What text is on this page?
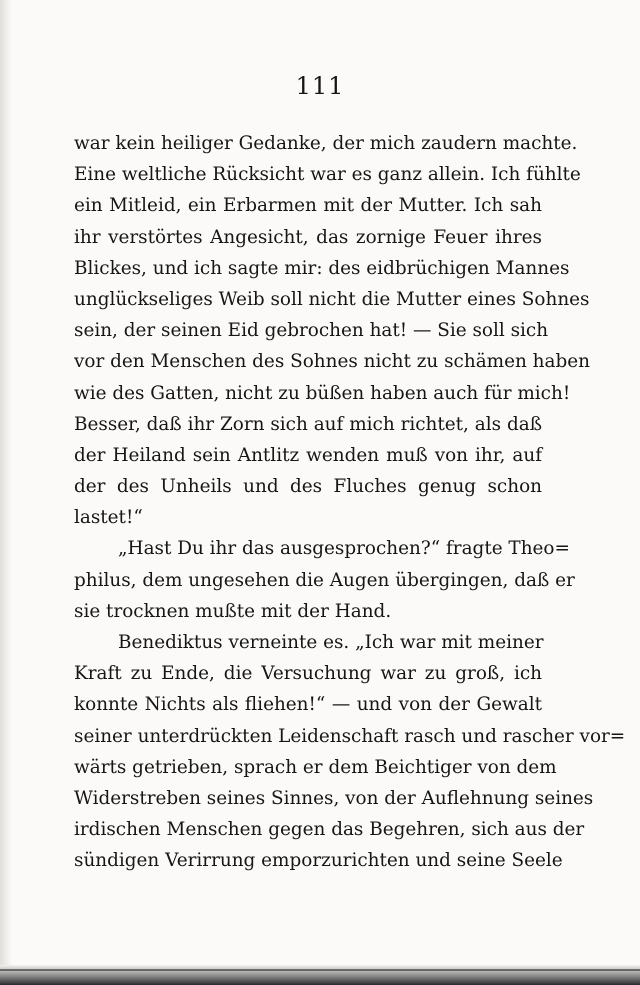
111
war kein heiliger Gedanke, der mich zaudern machte.
Eine weltliche Rücksicht war es ganz allein. Ich fühlte
ein Mitleid, ein Erbarmen mit der Mutter. Ich sah
ihr verstörtes Angesicht, das zornige Feuer ihres
Blickes, und ich sagte mir: des eidbrüchigen Mannes
unglückseliges Weib soll nicht die Mutter eines Sohnes
sein, der seinen Eid gebrochen hat! — Sie soll sich
vor den Menschen des Sohnes nicht zu schämen haben
wie des Gatten, nicht zu büßen haben auch für mich!
Besser, daß ihr Zorn sich auf mich richtet, als daß
der Heiland sein Antlitz wenden muß von ihr, auf
der des Unheils und des Fluches genug schon
lastet!“
„Hast Du ihr das ausgesprochen?“ fragte Theo=
philus, dem ungesehen die Augen übergingen, daß er
sie trocknen mußte mit der Hand.
Benediktus verneinte es. „Ich war mit meiner
Kraft zu Ende, die Versuchung war zu groß, ich
konnte Nichts als fliehen!“ — und von der Gewalt
seiner unterdrückten Leidenschaft rasch und rascher vor=
wärts getrieben, sprach er dem Beichtiger von dem
Widerstreben seines Sinnes, von der Auflehnung seines
irdischen Menschen gegen das Begehren, sich aus der
sündigen Verirrung emporzurichten und seine Seele
